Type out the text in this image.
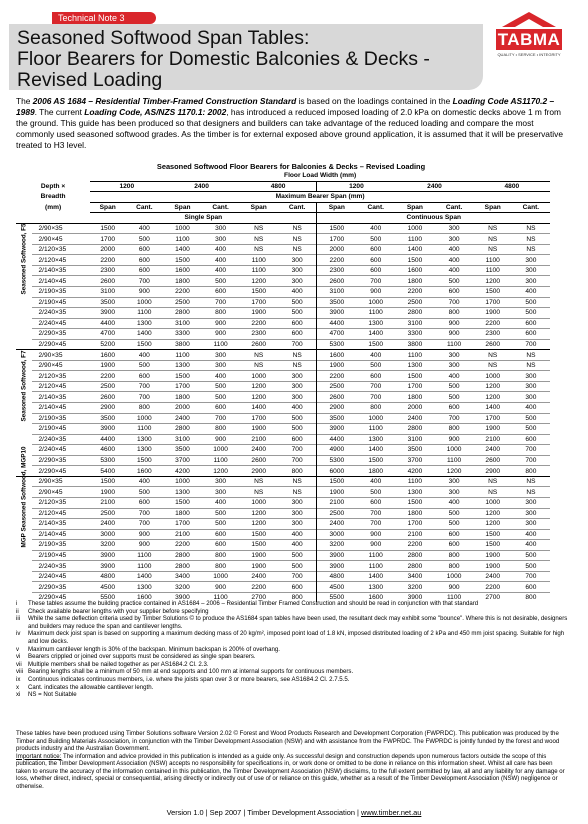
Technical Note 3
Seasoned Softwood Span Tables:
Floor Bearers for Domestic Balconies & Decks -
Revised Loading
TABMA
QUALITY • SERVICE • INTEGRITY
The 2006 AS 1684 – Residential Timber-Framed Construction Standard is based on the loadings contained in the Loading Code AS1170.2 – 1989. The current Loading Code, AS/NZS 1170.1: 2002, has introduced a reduced imposed loading of 2.0 kPa on domestic decks above 1 m from the ground. This guide has been produced so that designers and builders can take advantage of the reduced loading and compare the most commonly used seasoned softwood grades. As the timber is for external exposed above ground application, it is assumed that it will be preservative treated to H3 level.
Seasoned Softwood Floor Bearers for Balconies & Decks – Revised Loading
		Floor Load Width (mm)											
Depth ×		1200		2400		4800		1200		2400		4800	
Breadth		Maximum Bearer Span (mm)											
(mm)		Span	Cant.	Span	Cant.	Span	Cant.	Span	Cant.	Span	Cant.	Span	Cant.
		Single Span						Continuous Span					

Seasoned Softwood, F5	2/90×35	1500	400	1000	300	NS	NS	1500	400	1000	300	NS	NS
	2/90×45	1700	500	1100	300	NS	NS	1700	500	1100	300	NS	NS
	2/120×35	2000	600	1400	400	NS	NS	2000	600	1400	400	NS	NS
	2/120×45	2200	600	1500	400	1100	300	2200	600	1500	400	1100	300
	2/140×35	2300	600	1600	400	1100	300	2300	600	1600	400	1100	300
	2/140×45	2600	700	1800	500	1200	300	2600	700	1800	500	1200	300
	2/190×35	3100	900	2200	600	1500	400	3100	900	2200	600	1500	400
	2/190×45	3500	1000	2500	700	1700	500	3500	1000	2500	700	1700	500
	2/240×35	3900	1100	2800	800	1900	500	3900	1100	2800	800	1900	500
	2/240×45	4400	1300	3100	900	2200	600	4400	1300	3100	900	2200	600
	2/290×35	4700	1400	3300	900	2300	600	4700	1400	3300	900	2300	600
	2/290×45	5200	1500	3800	1100	2600	700	5300	1500	3800	1100	2600	700

Seasoned Softwood, F7	2/90×35	1600	400	1100	300	NS	NS	1600	400	1100	300	NS	NS
	2/90×45	1900	500	1300	300	NS	NS	1900	500	1300	300	NS	NS
	2/120×35	2200	600	1500	400	1000	300	2200	600	1500	400	1000	300
	2/120×45	2500	700	1700	500	1200	300	2500	700	1700	500	1200	300
	2/140×35	2600	700	1800	500	1200	300	2600	700	1800	500	1200	300
	2/140×45	2900	800	2000	600	1400	400	2900	800	2000	600	1400	400
	2/190×35	3500	1000	2400	700	1700	500	3500	1000	2400	700	1700	500
	2/190×45	3900	1100	2800	800	1900	500	3900	1100	2800	800	1900	500
	2/240×35	4400	1300	3100	900	2100	600	4400	1300	3100	900	2100	600
	2/240×45	4600	1300	3500	1000	2400	700	4900	1400	3500	1000	2400	700
	2/290×35	5300	1500	3700	1100	2600	700	5300	1500	3700	1100	2600	700
	2/290×45	5400	1600	4200	1200	2900	800	6000	1800	4200	1200	2900	800

MGP Seasoned Softwood, MGP10	2/90×35	1500	400	1000	300	NS	NS	1500	400	1100	300	NS	NS
	2/90×45	1900	500	1300	300	NS	NS	1900	500	1300	300	NS	NS
	2/120×35	2100	600	1500	400	1000	300	2100	600	1500	400	1000	300
	2/120×45	2500	700	1800	500	1200	300	2500	700	1800	500	1200	300
	2/140×35	2400	700	1700	500	1200	300	2400	700	1700	500	1200	300
	2/140×45	3000	900	2100	600	1500	400	3000	900	2100	600	1500	400
	2/190×35	3200	900	2200	600	1500	400	3200	900	2200	600	1500	400
	2/190×45	3900	1100	2800	800	1900	500	3900	1100	2800	800	1900	500
	2/240×35	3900	1100	2800	800	1900	500	3900	1100	2800	800	1900	500
	2/240×45	4800	1400	3400	1000	2400	700	4800	1400	3400	1000	2400	700
	2/290×35	4500	1300	3200	900	2200	600	4500	1300	3200	900	2200	600
	2/290×45	5500	1600	3900	1100	2700	800	5500	1600	3900	1100	2700	800
i	These tables assume the building practice contained in AS1684 – 2006 – Residential Timber Framed Construction and should be read in conjunction with that standard
ii	Check available bearer lengths with your supplier before specifying
iii	While the same deflection criteria used by Timber Solutions © to produce the AS1684 span tables have been used, the resultant deck may exhibit some "bounce". Where this is not desirable, designers and builders may reduce the span and cantilever lengths.
iv	Maximum deck joist span is based on supporting a maximum decking mass of 20 kg/m², imposed point load of 1.8 kN, imposed distributed loading of 2 kPa and 450 mm joist spacing. Suitable for high and low decks.
v	Maximum cantilever length is 30% of the backspan. Minimum backspan is 200% of overhang.
vi	Bearers crippled or joined over supports must be considered as single span bearers.
vii	Multiple members shall be nailed together as per AS1684.2 Cl. 2.3.
viii Bearing lengths shall be a minimum of 50 mm at end supports and 100 mm at internal supports for continuous members.
ix	Continuous indicates continuous members, i.e. where the joists span over 3 or more bearers, see AS1684.2 Cl. 2.7.5.5.
x	Cant. indicates the allowable cantilever length.
xi	NS = Not Suitable
These tables have been produced using Timber Solutions software Version 2.02 © Forest and Wood Products Research and Development Corporation (FWPRDC). This publication was produced by the Timber and Building Materials Association, in conjunction with the Timber Development Association (NSW) and with assistance from the FWPRDC. The FWPRDC is jointly funded by the forest and wood products industry and the Australian Government.
Important notice: The information and advice provided in this publication is intended as a guide only. As successful design and construction depends upon numerous factors outside the scope of this publication, the Timber Development Association (NSW) accepts no responsibility for specifications in, or work done or omitted to be done in reliance on this information sheet. Whilst all care has been taken to ensure the accuracy of the information contained in this publication, the Timber Development Association (NSW) disclaims, to the full extent permitted by law, all and any liability for any damage or loss, whether direct, indirect, special or consequential, arising directly or indirectly out of use of or reliance on this guide, whether as a result of the Timber Development Association (NSW) negligence or otherwise.
Version 1.0 | Sep 2007 | Timber Development Association | www.timber.net.au
